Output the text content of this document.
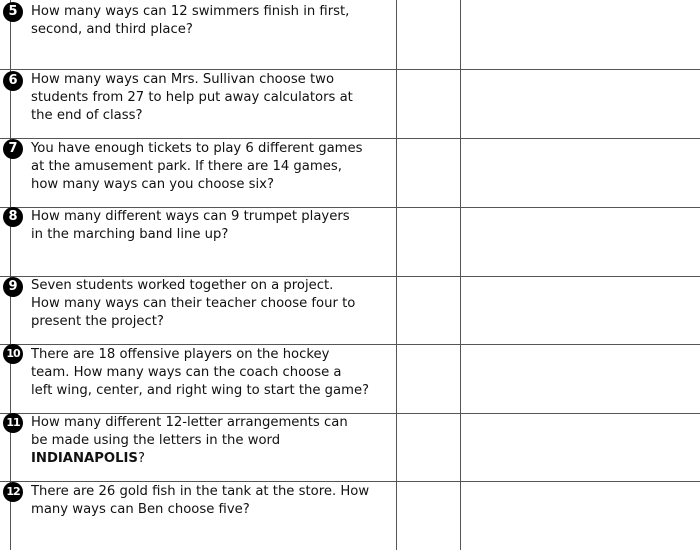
5	How many ways can 12 swimmers finish in first,
second, and third place?
6	How many ways can Mrs. Sullivan choose two
students from 27 to help put away calculators at
the end of class?
7	You have enough tickets to play 6 different games
at the amusement park. If there are 14 games,
how many ways can you choose six?
8	How many different ways can 9 trumpet players
in the marching band line up?
9	Seven students worked together on a project.
How many ways can their teacher choose four to
present the project?
10 There are 18 offensive players on the hockey
team. How many ways can the coach choose a
left wing, center, and right wing to start the game?
11 How many different 12-letter arrangements can
be made using the letters in the word
INDIANAPOLIS?
12 There are 26 gold fish in the tank at the store. How
many ways can Ben choose five?
